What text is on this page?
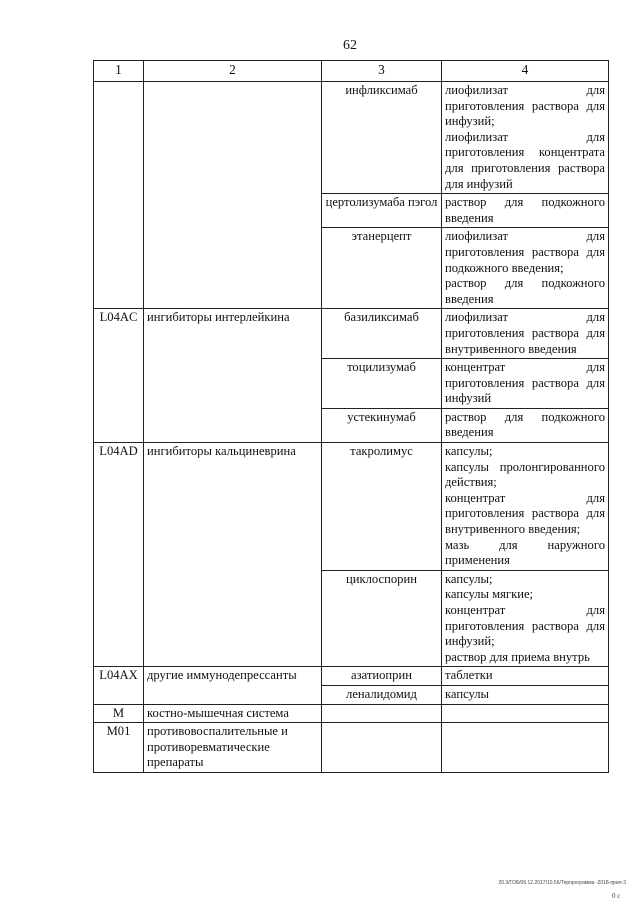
62
1	2	3	4
		инфликсимаб	лиофилизат для приготовления раствора для инфузий;
лиофилизат для приготовления концентрата для приготовления раствора для инфузий

		цертолизумаба пэгол	раствор для подкожного введения

		этанерцепт	лиофилизат для приготовления раствора для подкожного введения;
раствор для подкожного введения

L04AC	ингибиторы интерлейкина	базиликсимаб	лиофилизат для приготовления раствора для внутривенного введения

		тоцилизумаб	концентрат для приготовления раствора для инфузий

		устекинумаб	раствор для подкожного введения

L04AD	ингибиторы кальциневрина	такролимус	капсулы;
капсулы пролонгированного действия;
концентрат для приготовления раствора для внутривенного введения;
мазь для наружного применения

		циклоспорин	капсулы;
капсулы мягкие;
концентрат для приготовления раствора для инфузий;
раствор для приема внутрь

L04AX	другие иммунодепрессанты	азатиоприн	таблетки

		леналидомид	капсулы

M	костно-мышечная система		
M01	противовоспалительные и противоревматические препараты		
20.3/ГОБ/06.12.2017/10.56/Терпрограмма -2018-прил-3
0 с
